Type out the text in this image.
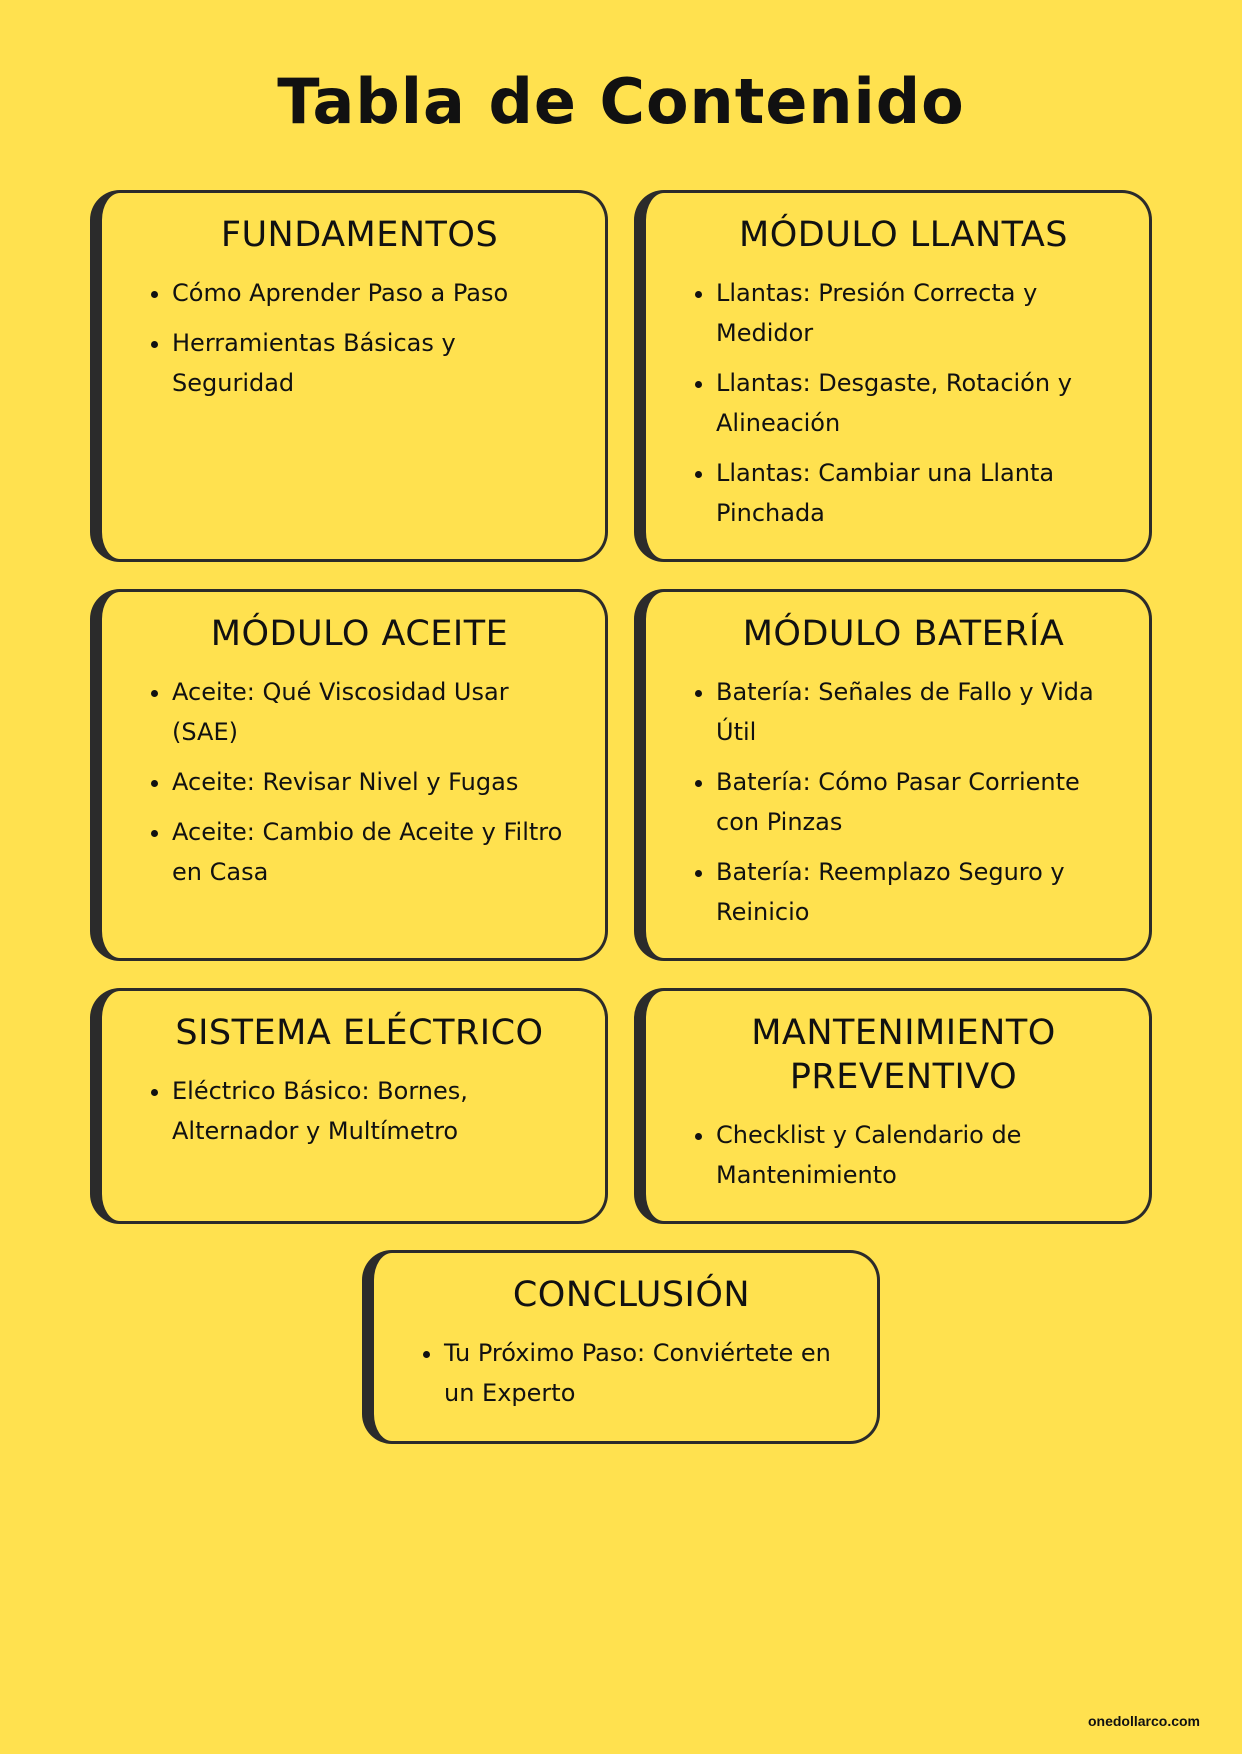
Tabla de Contenido
FUNDAMENTOS
• Cómo Aprender Paso a Paso
• Herramientas Básicas y Seguridad
MÓDULO LLANTAS
• Llantas: Presión Correcta y Medidor
• Llantas: Desgaste, Rotación y Alineación
• Llantas: Cambiar una Llanta Pinchada
MÓDULO ACEITE
• Aceite: Qué Viscosidad Usar (SAE)
• Aceite: Revisar Nivel y Fugas
• Aceite: Cambio de Aceite y Filtro en Casa
MÓDULO BATERÍA
• Batería: Señales de Fallo y Vida Útil
• Batería: Cómo Pasar Corriente con Pinzas
• Batería: Reemplazo Seguro y Reinicio
SISTEMA ELÉCTRICO
• Eléctrico Básico: Bornes, Alternador y Multímetro
MANTENIMIENTO PREVENTIVO
• Checklist y Calendario de Mantenimiento
CONCLUSIÓN
• Tu Próximo Paso: Conviértete en un Experto
onedollarco.com
